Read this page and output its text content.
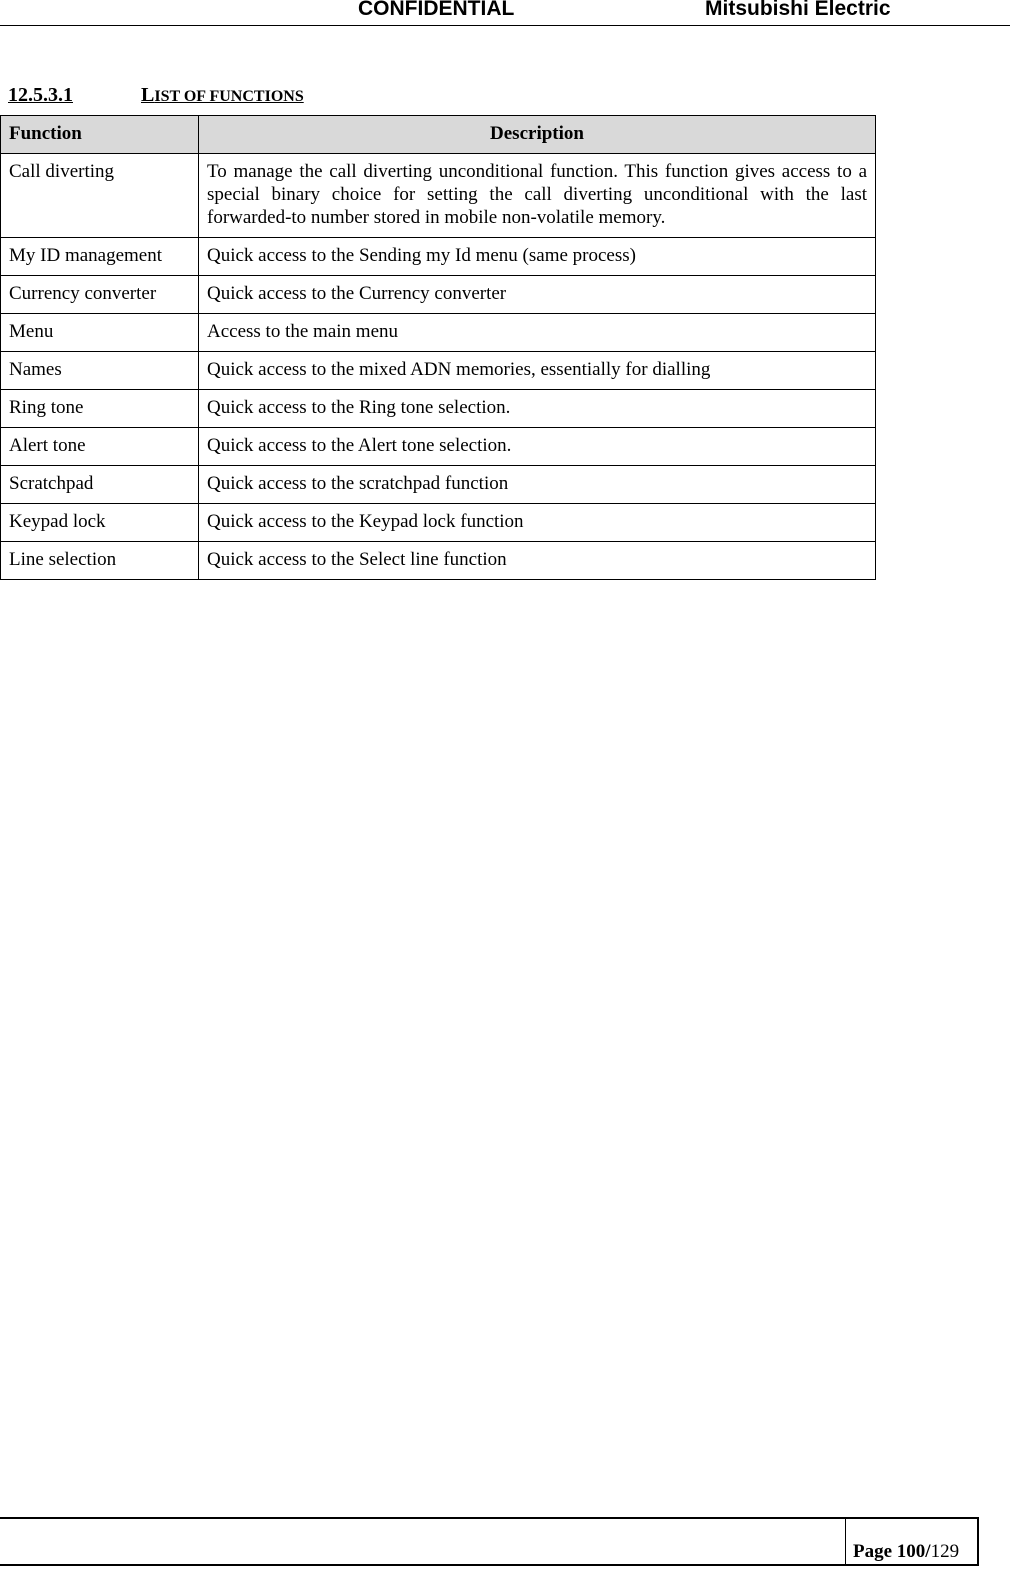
CONFIDENTIAL	Mitsubishi Electric
12.5.3.1	LIST OF FUNCTIONS
Function	Description
Call diverting	To manage the call diverting unconditional function. This function gives access to a special binary choice for setting the call diverting unconditional with the last forwarded-to number stored in mobile non-volatile memory.
My ID management	Quick access to the Sending my Id menu (same process)
Currency converter	Quick access to the Currency converter
Menu	Access to the main menu
Names	Quick access to the mixed ADN memories, essentially for dialling
Ring tone	Quick access to the Ring tone selection.
Alert tone	Quick access to the Alert tone selection.
Scratchpad	Quick access to the scratchpad function
Keypad lock	Quick access to the Keypad lock function
Line selection	Quick access to the Select line function
Page 100/129
